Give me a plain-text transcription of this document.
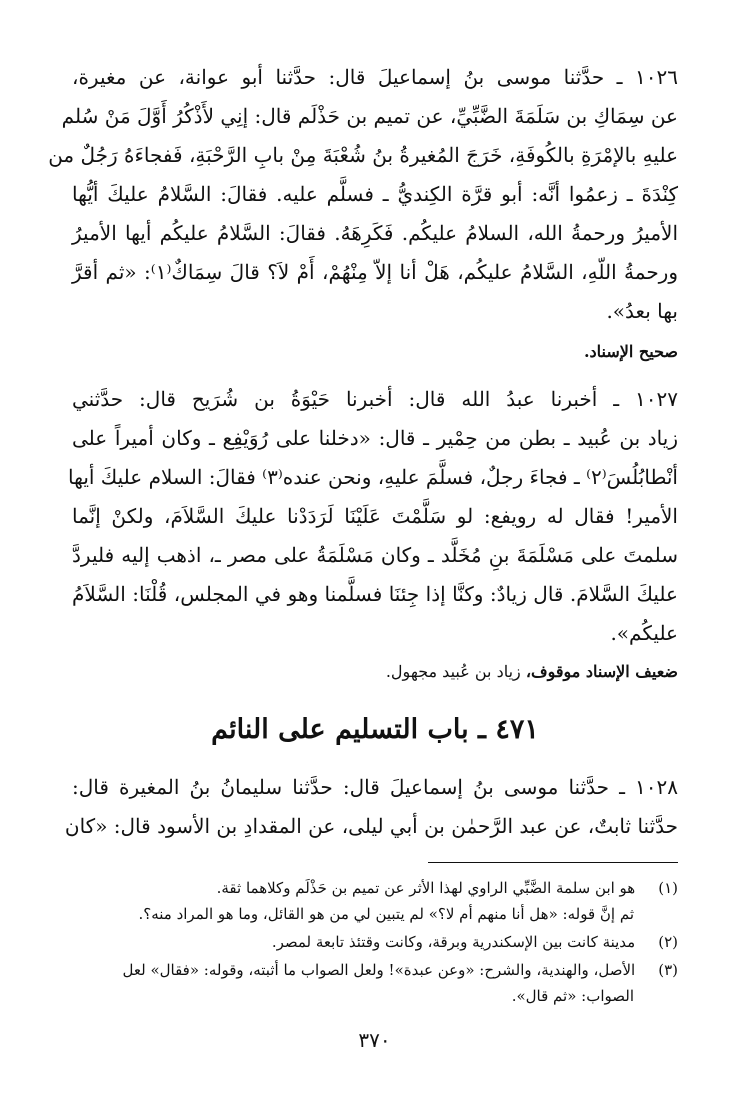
١٠٢٦ ـ حدَّثنا موسى بنُ إسماعيلَ قال: حدَّثنا أبو عوانة، عن مغيرة،
عن سِمَاكِ بن سَلَمَةَ الضَّبِّيِّ، عن تميم بن حَذْلَم قال: إنِي لأَذْكُرُ أَوَّلَ مَنْ سُلم
عليهِ بالإمْرَةِ بالكُوفَةِ، خَرَجَ المُغيرةُ بنُ شُعْبَةَ مِنْ بابِ الرَّحْبَةِ، فَفجاءَهُ رَجُلٌ من
كِنْدَةَ ـ زعمُوا أنَّه: أبو قرَّة الكِنديُّ ـ فسلَّم عليه. فقالَ: السَّلامُ عليكَ أيُّها
الأميرُ ورحمةُ الله، السلامُ عليكُم. فَكَرِهَهُ. فقالَ: السَّلامُ عليكُم أيها الأميرُ
ورحمةُ اللّهِ، السَّلامُ عليكُم، هَلْ أنا إلاّ مِنْهُمْ، أَمْ لاَ؟ قالَ سِمَاكٌ⁽١⁾: «ثم أقرَّ
بها بعدُ».
صحيح الإسناد.
١٠٢٧ ـ أخبرنا عبدُ الله قال: أخبرنا حَيْوَةُ بن شُرَيح قال: حدَّثني
زياد بن عُبيد ـ بطن من حِمْير ـ قال: «دخلنا على رُوَيْفِع ـ وكان أميراً على
أنْطابُلُسَ⁽٢⁾ ـ فجاءَ رجلٌ، فسلَّمَ عليهِ، ونحن عنده⁽٣⁾ فقالَ: السلام عليكَ أيها
الأمير! فقال له رويفع: لو سَلَّمْتَ عَلَيْنَا لَرَدَدْنا عليكَ السَّلاَمَ، ولكنْ إنَّما
سلمتَ على مَسْلَمَةَ بنِ مُخَلَّد ـ وكان مَسْلَمَةُ على مصر ـ، اذهب إليه فليردَّ
عليكَ السَّلامَ. قال زيادٌ: وكنَّا إذا جِئنَا فسلَّمنا وهو في المجلس، قُلْنَا: السَّلاَمُ
عليكُم».
ضعيف الإسناد موقوف، زياد بن عُبيد مجهول.
٤٧١ ـ باب التسليم على النائم
١٠٢٨ ـ حدَّثنا موسى بنُ إسماعيلَ قال: حدَّثنا سليمانُ بنُ المغيرة قال:
حدَّثنا ثابتٌ، عن عبد الرَّحمٰن بن أبي ليلى، عن المقدادِ بن الأسود قال: «كان
(١) هو ابن سلمة الضَّبِّي الراوي لهذا الأثر عن تميم بن حَذْلَم وكلاهما ثقة.
ثم إنَّ قوله: «هل أنا منهم أم لا؟» لم يتبين لي من هو القائل، وما هو المراد منه؟.
(٢) مدينة كانت بين الإسكندرية وبرقة، وكانت وقتئذ تابعة لمصر.
(٣) الأصل، والهندية، والشرح: «وعن عبدة»! ولعل الصواب ما أثبته، وقوله: «فقال» لعل
الصواب: «ثم قال».
٣٧٠
